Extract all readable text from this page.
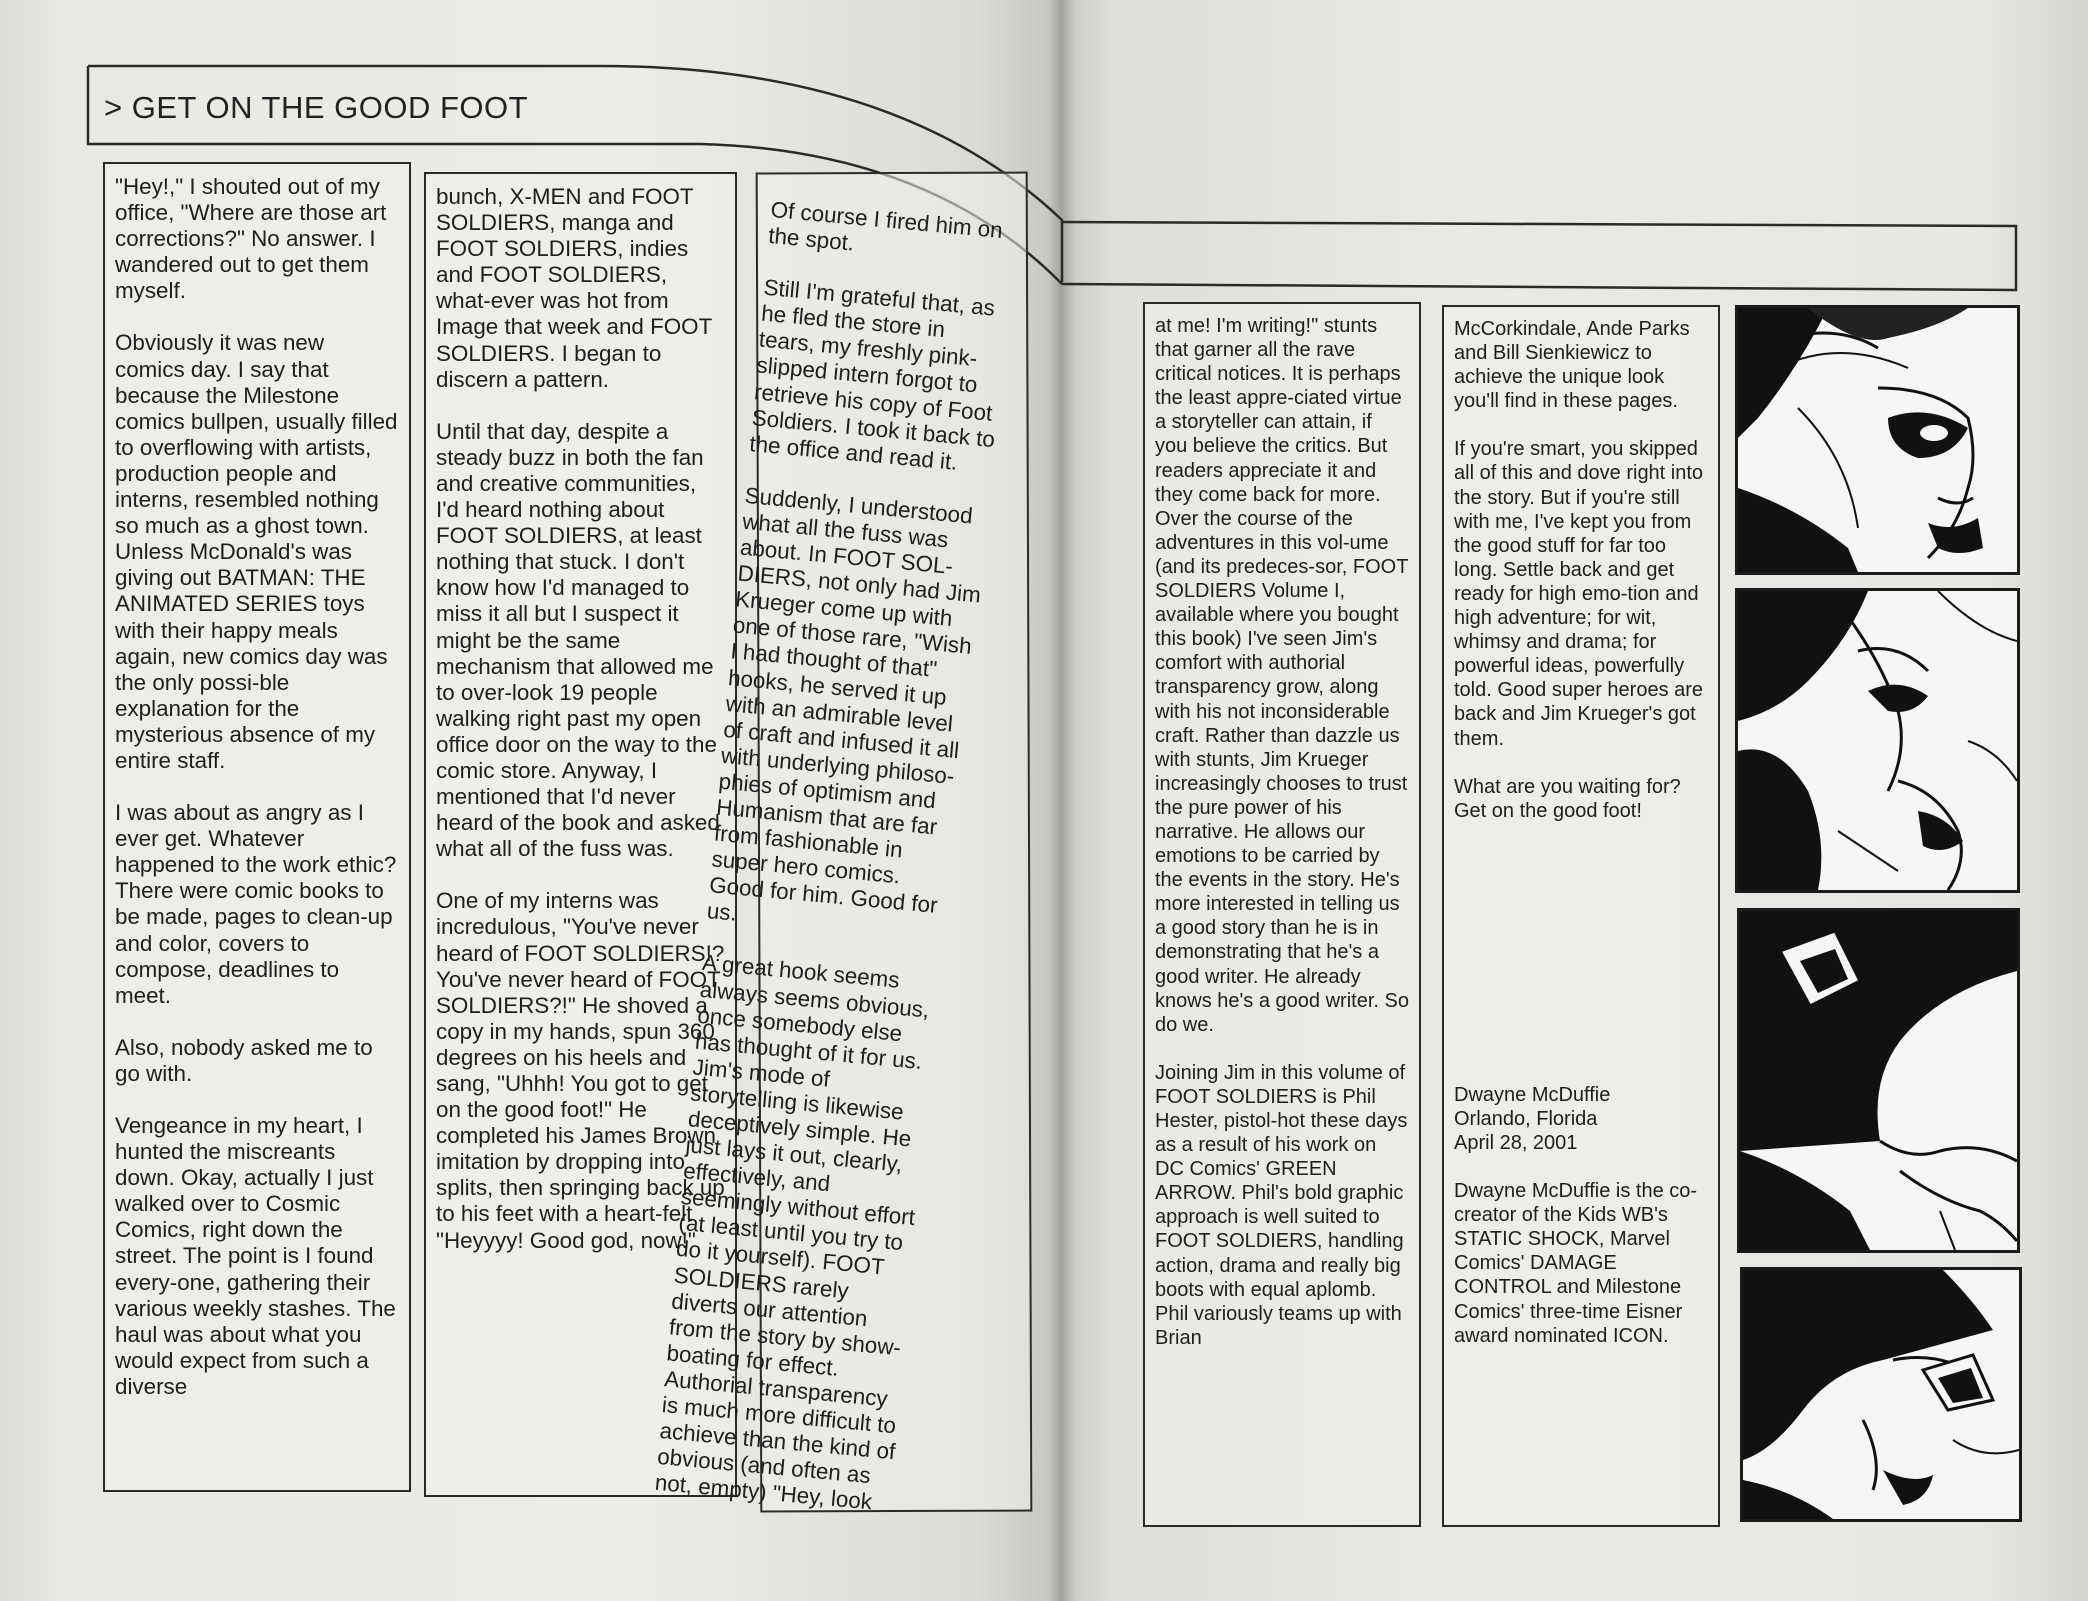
> GET ON THE GOOD FOOT

"Hey!," I shouted out of my office, "Where are those art corrections?" No answer. I wandered out to get them myself.

Obviously it was new comics day. I say that because the Milestone comics bullpen, usually filled to overflowing with artists, production people and interns, resembled nothing so much as a ghost town. Unless McDonald's was giving out BATMAN: THE ANIMATED SERIES toys with their happy meals again, new comics day was the only possi-ble explanation for the mysterious absence of my entire staff.

I was about as angry as I ever get. Whatever happened to the work ethic? There were comic books to be made, pages to clean-up and color, covers to compose, deadlines to meet.

Also, nobody asked me to go with.

Vengeance in my heart, I hunted the miscreants down. Okay, actually I just walked over to Cosmic Comics, right down the street. The point is I found every-one, gathering their various weekly stashes. The haul was about what you would expect from such a diverse

bunch, X-MEN and FOOT SOLDIERS, manga and FOOT SOLDIERS, indies and FOOT SOLDIERS, what-ever was hot from Image that week and FOOT SOLDIERS. I began to discern a pattern.

Until that day, despite a steady buzz in both the fan and creative communities, I'd heard nothing about FOOT SOLDIERS, at least nothing that stuck. I don't know how I'd managed to miss it all but I suspect it might be the same mechanism that allowed me to over-look 19 people walking right past my open office door on the way to the comic store. Anyway, I mentioned that I'd never heard of the book and asked what all of the fuss was.

One of my interns was incredulous, "You've never heard of FOOT SOLDIERS!? You've never heard of FOOT SOLDIERS?!" He shoved a copy in my hands, spun 360 degrees on his heels and sang, "Uhhh! You got to get on the good foot!" He completed his James Brown imitation by dropping into splits, then springing back up to his feet with a heart-felt "Heyyyy! Good god, now!"

Of course I fired him on the spot.

Still I'm grateful that, as he fled the store in tears, my freshly pink-slipped intern forgot to retrieve his copy of Foot Soldiers. I took it back to the office and read it.

Suddenly, I understood what all the fuss was about. In FOOT SOL-DIERS, not only had Jim Krueger come up with one of those rare, "Wish I had thought of that" hooks, he served it up with an admirable level of craft and infused it all with underlying philoso-phies of optimism and Humanism that are far from fashionable in super hero comics. Good for him. Good for us.

A great hook seems always seems obvious, once somebody else has thought of it for us. Jim's mode of storytelling is likewise deceptively simple. He just lays it out, clearly, effectively, and seemingly without effort (at least until you try to do it yourself). FOOT SOLDIERS rarely diverts our attention from the story by show-boating for effect. Authorial transparency is much more difficult to achieve than the kind of obvious (and often as not, empty) "Hey, look

at me! I'm writing!" stunts that garner all the rave critical notices. It is perhaps the least appre-ciated virtue a storyteller can attain, if you believe the critics. But readers appreciate it and they come back for more. Over the course of the adventures in this vol-ume (and its predeces-sor, FOOT SOLDIERS Volume I, available where you bought this book) I've seen Jim's comfort with authorial transparency grow, along with his not inconsiderable craft. Rather than dazzle us with stunts, Jim Krueger increasingly chooses to trust the pure power of his narrative. He allows our emotions to be carried by the events in the story. He's more interested in telling us a good story than he is in demonstrating that he's a good writer. He already knows he's a good writer. So do we.

Joining Jim in this volume of FOOT SOLDIERS is Phil Hester, pistol-hot these days as a result of his work on DC Comics' GREEN ARROW. Phil's bold graphic approach is well suited to FOOT SOLDIERS, handling action, drama and really big boots with equal aplomb. Phil variously teams up with Brian

McCorkindale, Ande Parks and Bill Sienkiewicz to achieve the unique look you'll find in these pages.

If you're smart, you skipped all of this and dove right into the story. But if you're still with me, I've kept you from the good stuff for far too long. Settle back and get ready for high emo-tion and high adventure; for wit, whimsy and drama; for powerful ideas, powerfully told. Good super heroes are back and Jim Krueger's got them.

What are you waiting for? Get on the good foot!

Dwayne McDuffie
Orlando, Florida
April 28, 2001

Dwayne McDuffie is the co-creator of the Kids WB's STATIC SHOCK, Marvel Comics' DAMAGE CONTROL and Milestone Comics' three-time Eisner award nominated ICON.
